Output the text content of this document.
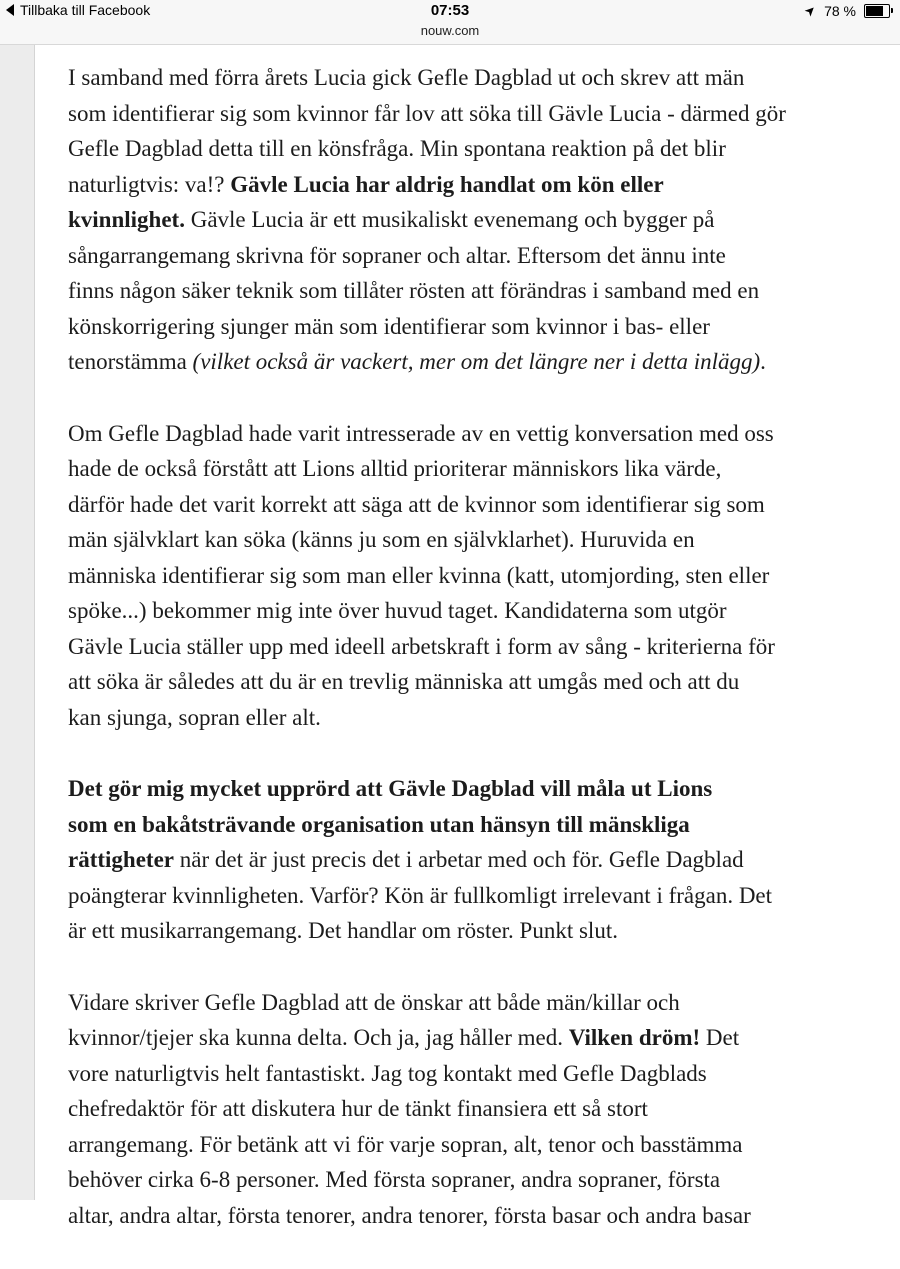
Tillbaka till Facebook	07:53
nouw.com
➤ 78 %

I samband med förra årets Lucia gick Gefle Dagblad ut och skrev att män
som identifierar sig som kvinnor får lov att söka till Gävle Lucia - därmed gör
Gefle Dagblad detta till en könsfråga. Min spontana reaktion på det blir
naturligtvis: va!? Gävle Lucia har aldrig handlat om kön eller
kvinnlighet. Gävle Lucia är ett musikaliskt evenemang och bygger på
sångarrangemang skrivna för sopraner och altar. Eftersom det ännu inte
finns någon säker teknik som tillåter rösten att förändras i samband med en
könskorrigering sjunger män som identifierar som kvinnor i bas- eller
tenorstämma (vilket också är vackert, mer om det längre ner i detta inlägg).

Om Gefle Dagblad hade varit intresserade av en vettig konversation med oss
hade de också förstått att Lions alltid prioriterar människors lika värde,
därför hade det varit korrekt att säga att de kvinnor som identifierar sig som
män självklart kan söka (känns ju som en självklarhet). Huruvida en
människa identifierar sig som man eller kvinna (katt, utomjording, sten eller
spöke...) bekommer mig inte över huvud taget. Kandidaterna som utgör
Gävle Lucia ställer upp med ideell arbetskraft i form av sång - kriterierna för
att söka är således att du är en trevlig människa att umgås med och att du
kan sjunga, sopran eller alt.

Det gör mig mycket upprörd att Gävle Dagblad vill måla ut Lions
som en bakåtsträvande organisation utan hänsyn till mänskliga
rättigheter när det är just precis det i arbetar med och för. Gefle Dagblad
poängterar kvinnligheten. Varför? Kön är fullkomligt irrelevant i frågan. Det
är ett musikarrangemang. Det handlar om röster. Punkt slut.

Vidare skriver Gefle Dagblad att de önskar att både män/killar och
kvinnor/tjejer ska kunna delta. Och ja, jag håller med. Vilken dröm! Det
vore naturligtvis helt fantastiskt. Jag tog kontakt med Gefle Dagblads
chefredaktör för att diskutera hur de tänkt finansiera ett så stort
arrangemang. För betänk att vi för varje sopran, alt, tenor och basstämma
behöver cirka 6-8 personer. Med första sopraner, andra sopraner, första
altar, andra altar, första tenorer, andra tenorer, första basar och andra basar
